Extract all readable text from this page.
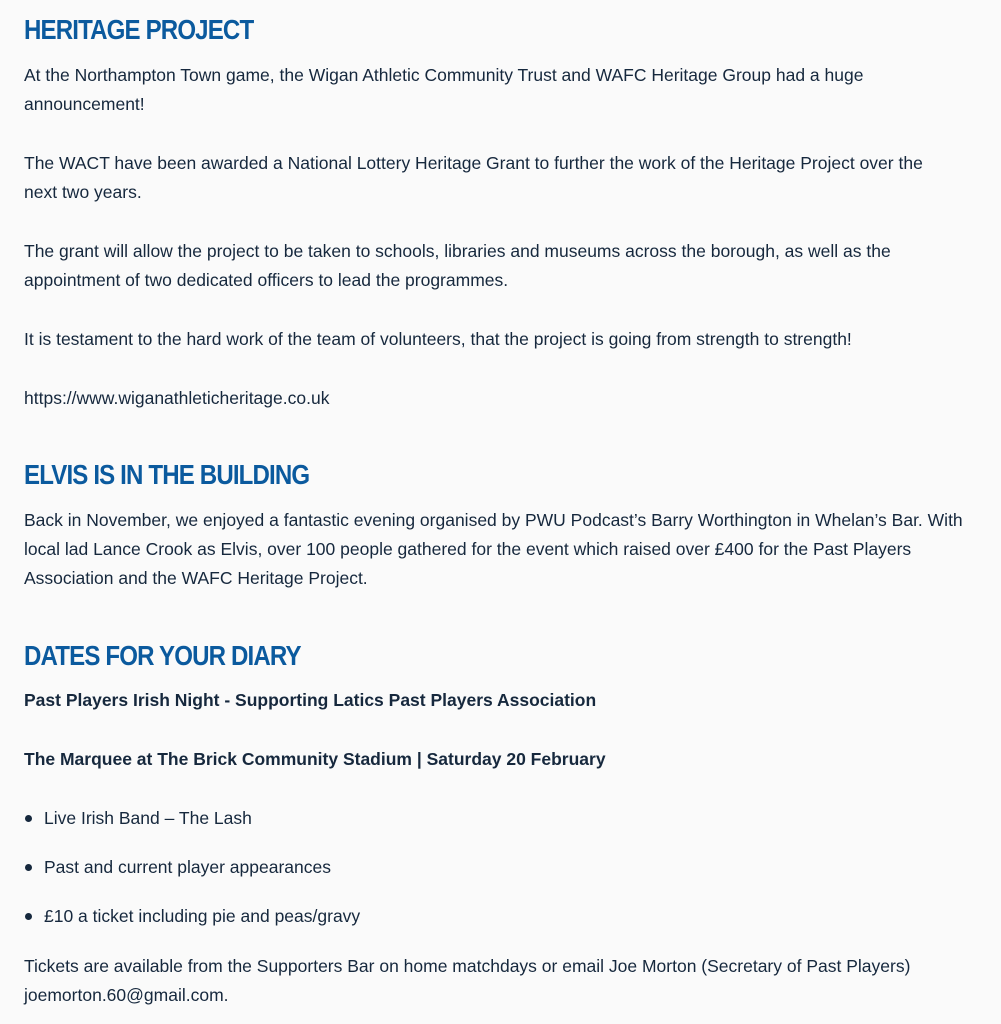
HERITAGE PROJECT

At the Northampton Town game, the Wigan Athletic Community Trust and WAFC Heritage Group had a huge announcement!

The WACT have been awarded a National Lottery Heritage Grant to further the work of the Heritage Project over the next two years.

The grant will allow the project to be taken to schools, libraries and museums across the borough, as well as the appointment of two dedicated officers to lead the programmes.

It is testament to the hard work of the team of volunteers, that the project is going from strength to strength!

https://www.wiganathleticheritage.co.uk

ELVIS IS IN THE BUILDING

Back in November, we enjoyed a fantastic evening organised by PWU Podcast’s Barry Worthington in Whelan’s Bar. With local lad Lance Crook as Elvis, over 100 people gathered for the event which raised over £400 for the Past Players Association and the WAFC Heritage Project.

DATES FOR YOUR DIARY

Past Players Irish Night - Supporting Latics Past Players Association

The Marquee at The Brick Community Stadium | Saturday 20 February

Live Irish Band – The Lash
Past and current player appearances
£10 a ticket including pie and peas/gravy

Tickets are available from the Supporters Bar on home matchdays or email Joe Morton (Secretary of Past Players) joemorton.60@gmail.com.
